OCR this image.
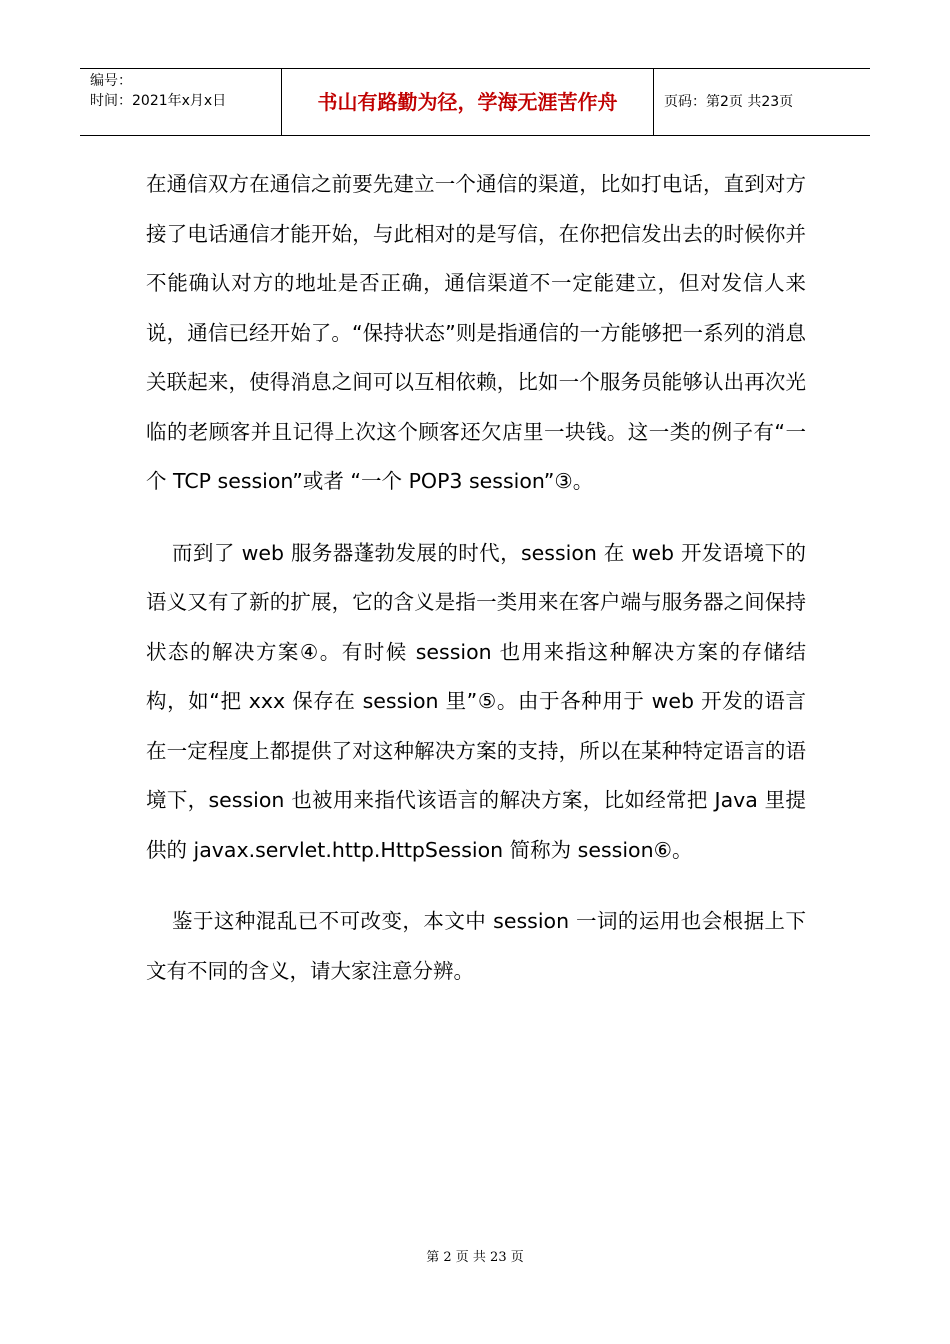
编号：
时间：2021年x月x日	书山有路勤为径，学海无涯苦作舟	页码：第2页 共23页

在通信双方在通信之前要先建立一个通信的渠道，比如打电话，直到对方接了电话通信才能开始，与此相对的是写信，在你把信发出去的时候你并不能确认对方的地址是否正确，通信渠道不一定能建立，但对发信人来说，通信已经开始了。“保持状态”则是指通信的一方能够把一系列的消息关联起来，使得消息之间可以互相依赖，比如一个服务员能够认出再次光临的老顾客并且记得上次这个顾客还欠店里一块钱。这一类的例子有“一个 TCP session”或者 “一个 POP3 session”③。

而到了 web 服务器蓬勃发展的时代，session 在 web 开发语境下的语义又有了新的扩展，它的含义是指一类用来在客户端与服务器之间保持状态的解决方案④。有时候 session 也用来指这种解决方案的存储结构，如“把 xxx 保存在 session 里”⑤。由于各种用于 web 开发的语言在一定程度上都提供了对这种解决方案的支持，所以在某种特定语言的语境下，session 也被用来指代该语言的解决方案，比如经常把 Java 里提供的 javax.servlet.http.HttpSession 简称为 session⑥。

鉴于这种混乱已不可改变，本文中 session 一词的运用也会根据上下文有不同的含义，请大家注意分辨。

第 2 页 共 23 页
